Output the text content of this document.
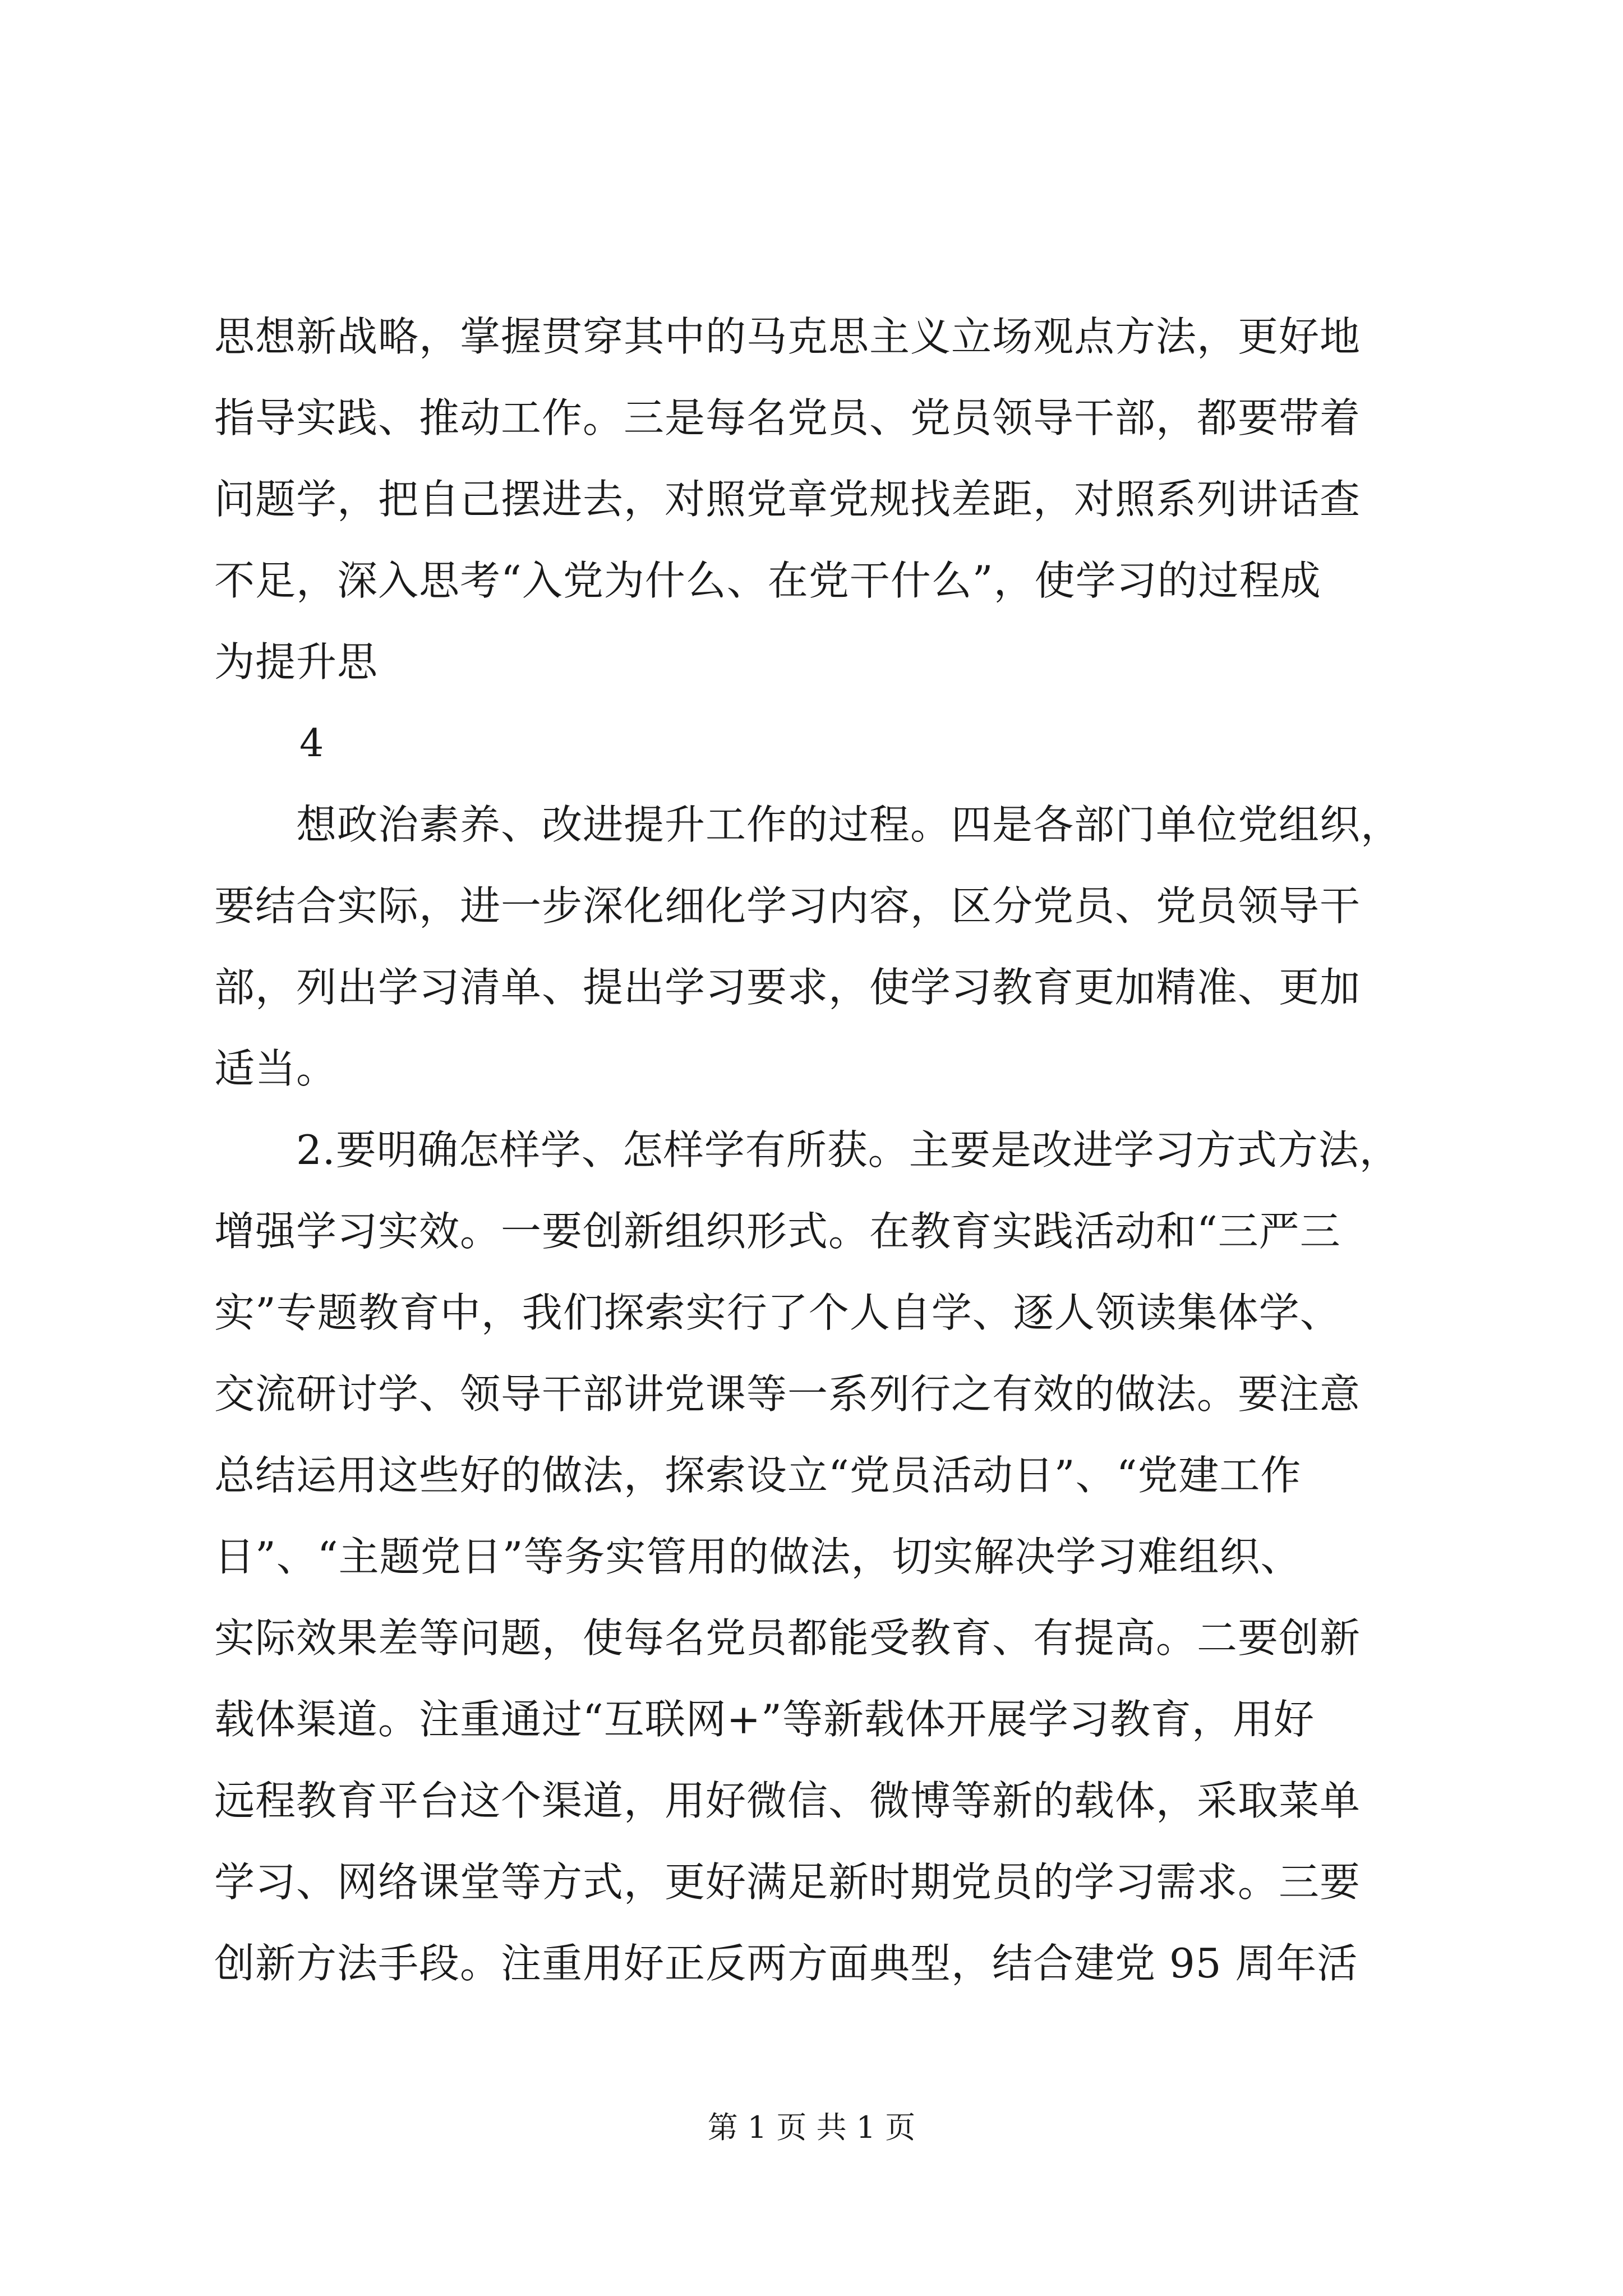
思想新战略，掌握贯穿其中的马克思主义立场观点方法，更好地
指导实践、推动工作。三是每名党员、党员领导干部，都要带着
问题学，把自己摆进去，对照党章党规找差距，对照系列讲话查
不足，深入思考“入党为什么、在党干什么”，使学习的过程成
为提升思
4
　　想政治素养、改进提升工作的过程。四是各部门单位党组织，
要结合实际，进一步深化细化学习内容，区分党员、党员领导干
部，列出学习清单、提出学习要求，使学习教育更加精准、更加
适当。
　　2.要明确怎样学、怎样学有所获。主要是改进学习方式方法，
增强学习实效。一要创新组织形式。在教育实践活动和“三严三
实”专题教育中，我们探索实行了个人自学、逐人领读集体学、
交流研讨学、领导干部讲党课等一系列行之有效的做法。要注意
总结运用这些好的做法，探索设立“党员活动日”、“党建工作
日”、“主题党日”等务实管用的做法，切实解决学习难组织、
实际效果差等问题，使每名党员都能受教育、有提高。二要创新
载体渠道。注重通过“互联网+”等新载体开展学习教育，用好
远程教育平台这个渠道，用好微信、微博等新的载体，采取菜单
学习、网络课堂等方式，更好满足新时期党员的学习需求。三要
创新方法手段。注重用好正反两方面典型，结合建党 95 周年活
第 1 页 共 1 页
